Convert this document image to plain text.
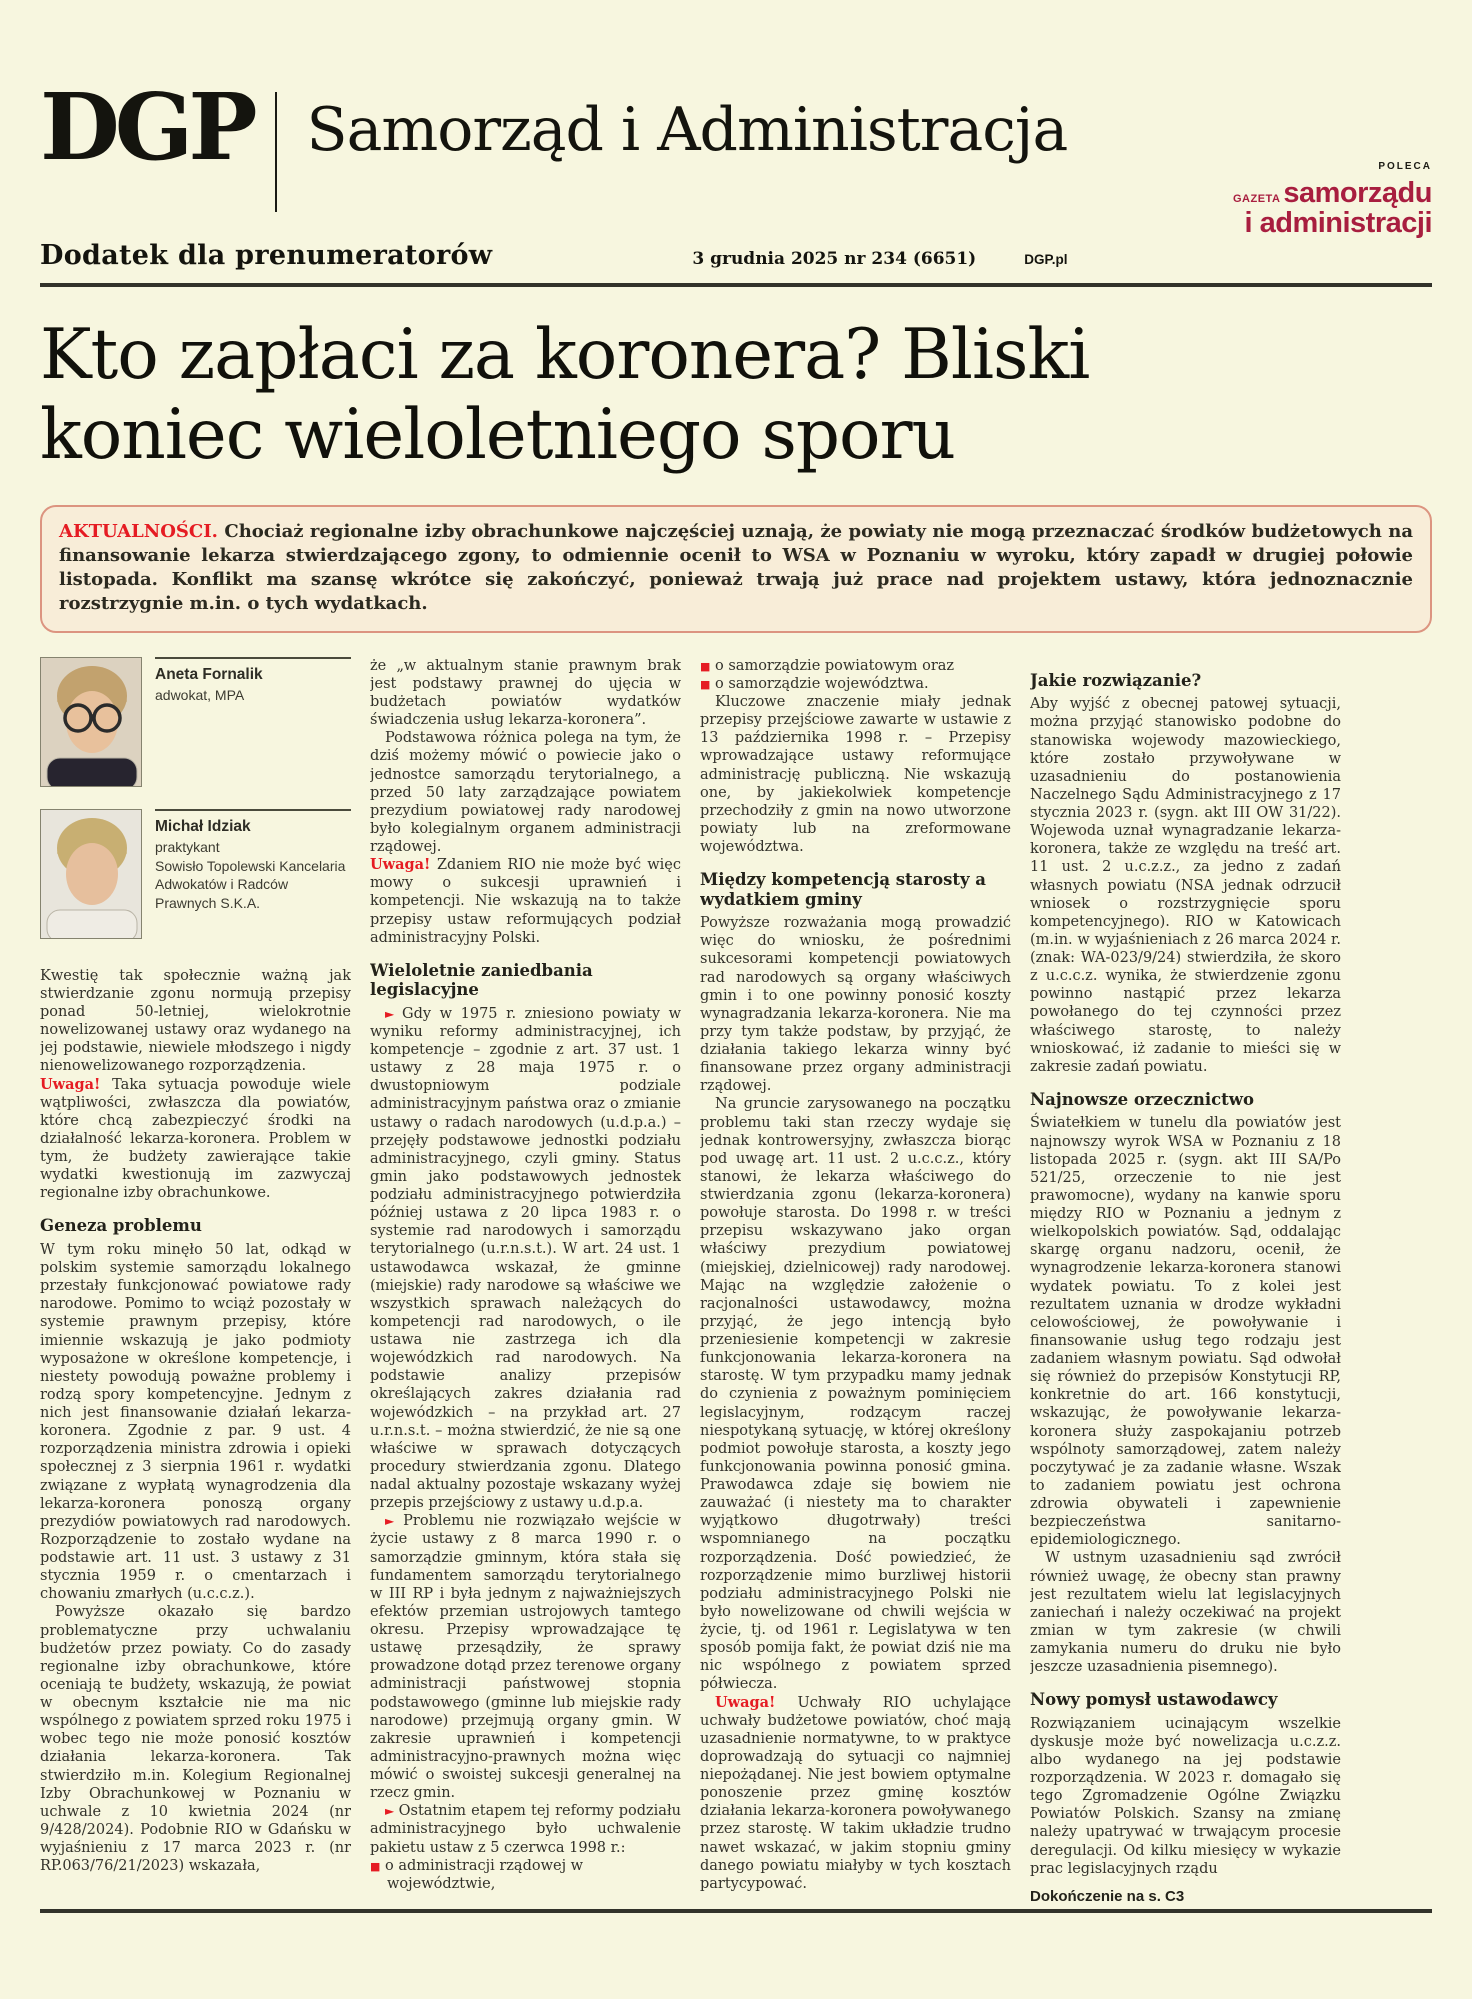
DGP Samorząd i Administracja
POLECA
GAZETA samorządu
i administracji
Dodatek dla prenumeratorów	3 grudnia 2025 nr 234 (6651)	DGP.pl
Kto zapłaci za koronera? Bliski
koniec wieloletniego sporu
AKTUALNOŚCI. Chociaż regionalne izby obrachunkowe najczęściej uznają, że powiaty nie mogą przeznaczać środków budżetowych na finansowanie lekarza stwierdzającego zgony, to odmiennie ocenił to WSA w Poznaniu w wyroku, który zapadł w drugiej połowie listopada. Konflikt ma szansę wkrótce się zakończyć, ponieważ trwają już prace nad projektem ustawy, która jednoznacznie rozstrzygnie m.in. o tych wydatkach.
Aneta Fornalik
adwokat, MPA
Michał Idziak
praktykant
Sowisło Topolewski Kancelaria Adwokatów i Radców Prawnych S.K.A.

Kwestię tak społecznie ważną jak stwierdzanie zgonu normują przepisy ponad 50-letniej, wielokrotnie nowelizowanej ustawy oraz wydanego na jej podstawie, niewiele młodszego i nigdy nienowelizowanego rozporządzenia.

Uwaga! Taka sytuacja powoduje wiele wątpliwości, zwłaszcza dla powiatów, które chcą zabezpieczyć środki na działalność lekarza-koronera. Problem w tym, że budżety zawierające takie wydatki kwestionują im zazwyczaj regionalne izby obrachunkowe.

Geneza problemu

W tym roku minęło 50 lat, odkąd w polskim systemie samorządu lokalnego przestały funkcjonować powiatowe rady narodowe. Pomimo to wciąż pozostały w systemie prawnym przepisy, które imiennie wskazują je jako podmioty wyposażone w określone kompetencje, i niestety powodują poważne problemy i rodzą spory kompetencyjne. Jednym z nich jest finansowanie działań lekarza-koronera. Zgodnie z par. 9 ust. 4 rozporządzenia ministra zdrowia i opieki społecznej z 3 sierpnia 1961 r. wydatki związane z wypłatą wynagrodzenia dla lekarza-koronera ponoszą organy prezydiów powiatowych rad narodowych. Rozporządzenie to zostało wydane na podstawie art. 11 ust. 3 ustawy z 31 stycznia 1959 r. o cmentarzach i chowaniu zmarłych (u.c.c.z.).

Powyższe okazało się bardzo problematyczne przy uchwalaniu budżetów przez powiaty. Co do zasady regionalne izby obrachunkowe, które oceniają te budżety, wskazują, że powiat w obecnym kształcie nie ma nic wspólnego z powiatem sprzed roku 1975 i wobec tego nie może ponosić kosztów działania lekarza-koronera. Tak stwierdziło m.in. Kolegium Regionalnej Izby Obrachunkowej w Poznaniu w uchwale z 10 kwietnia 2024 (nr 9/428/2024). Podobnie RIO w Gdańsku w wyjaśnieniu z 17 marca 2023 r. (nr RP.063/76/21/2023) wskazała,

że „w aktualnym stanie prawnym brak jest podstawy prawnej do ujęcia w budżetach powiatów wydatków świadczenia usług lekarza-koronera”.

Podstawowa różnica polega na tym, że dziś możemy mówić o powiecie jako o jednostce samorządu terytorialnego, a przed 50 laty zarządzające powiatem prezydium powiatowej rady narodowej było kolegialnym organem administracji rządowej.

Uwaga! Zdaniem RIO nie może być więc mowy o sukcesji uprawnień i kompetencji. Nie wskazują na to także przepisy ustaw reformujących podział administracyjny Polski.

Wieloletnie zaniedbania legislacyjne

► Gdy w 1975 r. zniesiono powiaty w wyniku reformy administracyjnej, ich kompetencje – zgodnie z art. 37 ust. 1 ustawy z 28 maja 1975 r. o dwustopniowym podziale administracyjnym państwa oraz o zmianie ustawy o radach narodowych (u.d.p.a.) – przejęły podstawowe jednostki podziału administracyjnego, czyli gminy. Status gmin jako podstawowych jednostek podziału administracyjnego potwierdziła później ustawa z 20 lipca 1983 r. o systemie rad narodowych i samorządu terytorialnego (u.r.n.s.t.). W art. 24 ust. 1 ustawodawca wskazał, że gminne (miejskie) rady narodowe są właściwe we wszystkich sprawach należących do kompetencji rad narodowych, o ile ustawa nie zastrzega ich dla wojewódzkich rad narodowych. Na podstawie analizy przepisów określających zakres działania rad wojewódzkich – na przykład art. 27 u.r.n.s.t. – można stwierdzić, że nie są one właściwe w sprawach dotyczących procedury stwierdzania zgonu. Dlatego nadal aktualny pozostaje wskazany wyżej przepis przejściowy z ustawy u.d.p.a.

► Problemu nie rozwiązało wejście w życie ustawy z 8 marca 1990 r. o samorządzie gminnym, która stała się fundamentem samorządu terytorialnego w III RP i była jednym z najważniejszych efektów przemian ustrojowych tamtego okresu. Przepisy wprowadzające tę ustawę przesądziły, że sprawy prowadzone dotąd przez terenowe organy administracji państwowej stopnia podstawowego (gminne lub miejskie rady narodowe) przejmują organy gmin. W zakresie uprawnień i kompetencji administracyjno-prawnych można więc mówić o swoistej sukcesji generalnej na rzecz gmin.

► Ostatnim etapem tej reformy podziału administracyjnego było uchwalenie pakietu ustaw z 5 czerwca 1998 r.:

■ o administracji rządowej w województwie,

■ o samorządzie powiatowym oraz

■ o samorządzie województwa.

Kluczowe znaczenie miały jednak przepisy przejściowe zawarte w ustawie z 13 października 1998 r. – Przepisy wprowadzające ustawy reformujące administrację publiczną. Nie wskazują one, by jakiekolwiek kompetencje przechodziły z gmin na nowo utworzone powiaty lub na zreformowane województwa.

Między kompetencją starosty a wydatkiem gminy

Powyższe rozważania mogą prowadzić więc do wniosku, że pośrednimi sukcesorami kompetencji powiatowych rad narodowych są organy właściwych gmin i to one powinny ponosić koszty wynagradzania lekarza-koronera. Nie ma przy tym także podstaw, by przyjąć, że działania takiego lekarza winny być finansowane przez organy administracji rządowej.

Na gruncie zarysowanego na początku problemu taki stan rzeczy wydaje się jednak kontrowersyjny, zwłaszcza biorąc pod uwagę art. 11 ust. 2 u.c.c.z., który stanowi, że lekarza właściwego do stwierdzania zgonu (lekarza-koronera) powołuje starosta. Do 1998 r. w treści przepisu wskazywano jako organ właściwy prezydium powiatowej (miejskiej, dzielnicowej) rady narodowej. Mając na względzie założenie o racjonalności ustawodawcy, można przyjąć, że jego intencją było przeniesienie kompetencji w zakresie funkcjonowania lekarza-koronera na starostę. W tym przypadku mamy jednak do czynienia z poważnym pominięciem legislacyjnym, rodzącym raczej niespotykaną sytuację, w której określony podmiot powołuje starosta, a koszty jego funkcjonowania powinna ponosić gmina. Prawodawca zdaje się bowiem nie zauważać (i niestety ma to charakter wyjątkowo długotrwały) treści wspomnianego na początku rozporządzenia. Dość powiedzieć, że rozporządzenie mimo burzliwej historii podziału administracyjnego Polski nie było nowelizowane od chwili wejścia w życie, tj. od 1961 r. Legislatywa w ten sposób pomija fakt, że powiat dziś nie ma nic wspólnego z powiatem sprzed półwiecza.

Uwaga! Uchwały RIO uchylające uchwały budżetowe powiatów, choć mają uzasadnienie normatywne, to w praktyce doprowadzają do sytuacji co najmniej niepożądanej. Nie jest bowiem optymalne ponoszenie przez gminę kosztów działania lekarza-koronera powoływanego przez starostę. W takim układzie trudno nawet wskazać, w jakim stopniu gminy danego powiatu miałyby w tych kosztach partycypować.

Jakie rozwiązanie?

Aby wyjść z obecnej patowej sytuacji, można przyjąć stanowisko podobne do stanowiska wojewody mazowieckiego, które zostało przywoływane w uzasadnieniu do postanowienia Naczelnego Sądu Administracyjnego z 17 stycznia 2023 r. (sygn. akt III OW 31/22). Wojewoda uznał wynagradzanie lekarza-koronera, także ze względu na treść art. 11 ust. 2 u.c.z.z., za jedno z zadań własnych powiatu (NSA jednak odrzucił wniosek o rozstrzygnięcie sporu kompetencyjnego). RIO w Katowicach (m.in. w wyjaśnieniach z 26 marca 2024 r. (znak: WA-023/9/24) stwierdziła, że skoro z u.c.c.z. wynika, że stwierdzenie zgonu powinno nastąpić przez lekarza powołanego do tej czynności przez właściwego starostę, to należy wnioskować, iż zadanie to mieści się w zakresie zadań powiatu.

Najnowsze orzecznictwo

Światełkiem w tunelu dla powiatów jest najnowszy wyrok WSA w Poznaniu z 18 listopada 2025 r. (sygn. akt III SA/Po 521/25, orzeczenie to nie jest prawomocne), wydany na kanwie sporu między RIO w Poznaniu a jednym z wielkopolskich powiatów. Sąd, oddalając skargę organu nadzoru, ocenił, że wynagrodzenie lekarza-koronera stanowi wydatek powiatu. To z kolei jest rezultatem uznania w drodze wykładni celowościowej, że powoływanie i finansowanie usług tego rodzaju jest zadaniem własnym powiatu. Sąd odwołał się również do przepisów Konstytucji RP, konkretnie do art. 166 konstytucji, wskazując, że powoływanie lekarza-koronera służy zaspokajaniu potrzeb wspólnoty samorządowej, zatem należy poczytywać je za zadanie własne. Wszak to zadaniem powiatu jest ochrona zdrowia obywateli i zapewnienie bezpieczeństwa sanitarno-epidemiologicznego.

W ustnym uzasadnieniu sąd zwrócił również uwagę, że obecny stan prawny jest rezultatem wielu lat legislacyjnych zaniechań i należy oczekiwać na projekt zmian w tym zakresie (w chwili zamykania numeru do druku nie było jeszcze uzasadnienia pisemnego).

Nowy pomysł ustawodawcy

Rozwiązaniem ucinającym wszelkie dyskusje może być nowelizacja u.c.z.z. albo wydanego na jej podstawie rozporządzenia. W 2023 r. domagało się tego Zgromadzenie Ogólne Związku Powiatów Polskich. Szansy na zmianę należy upatrywać w trwającym procesie deregulacji. Od kilku miesięcy w wykazie prac legislacyjnych rządu

Dokończenie na s. C3
